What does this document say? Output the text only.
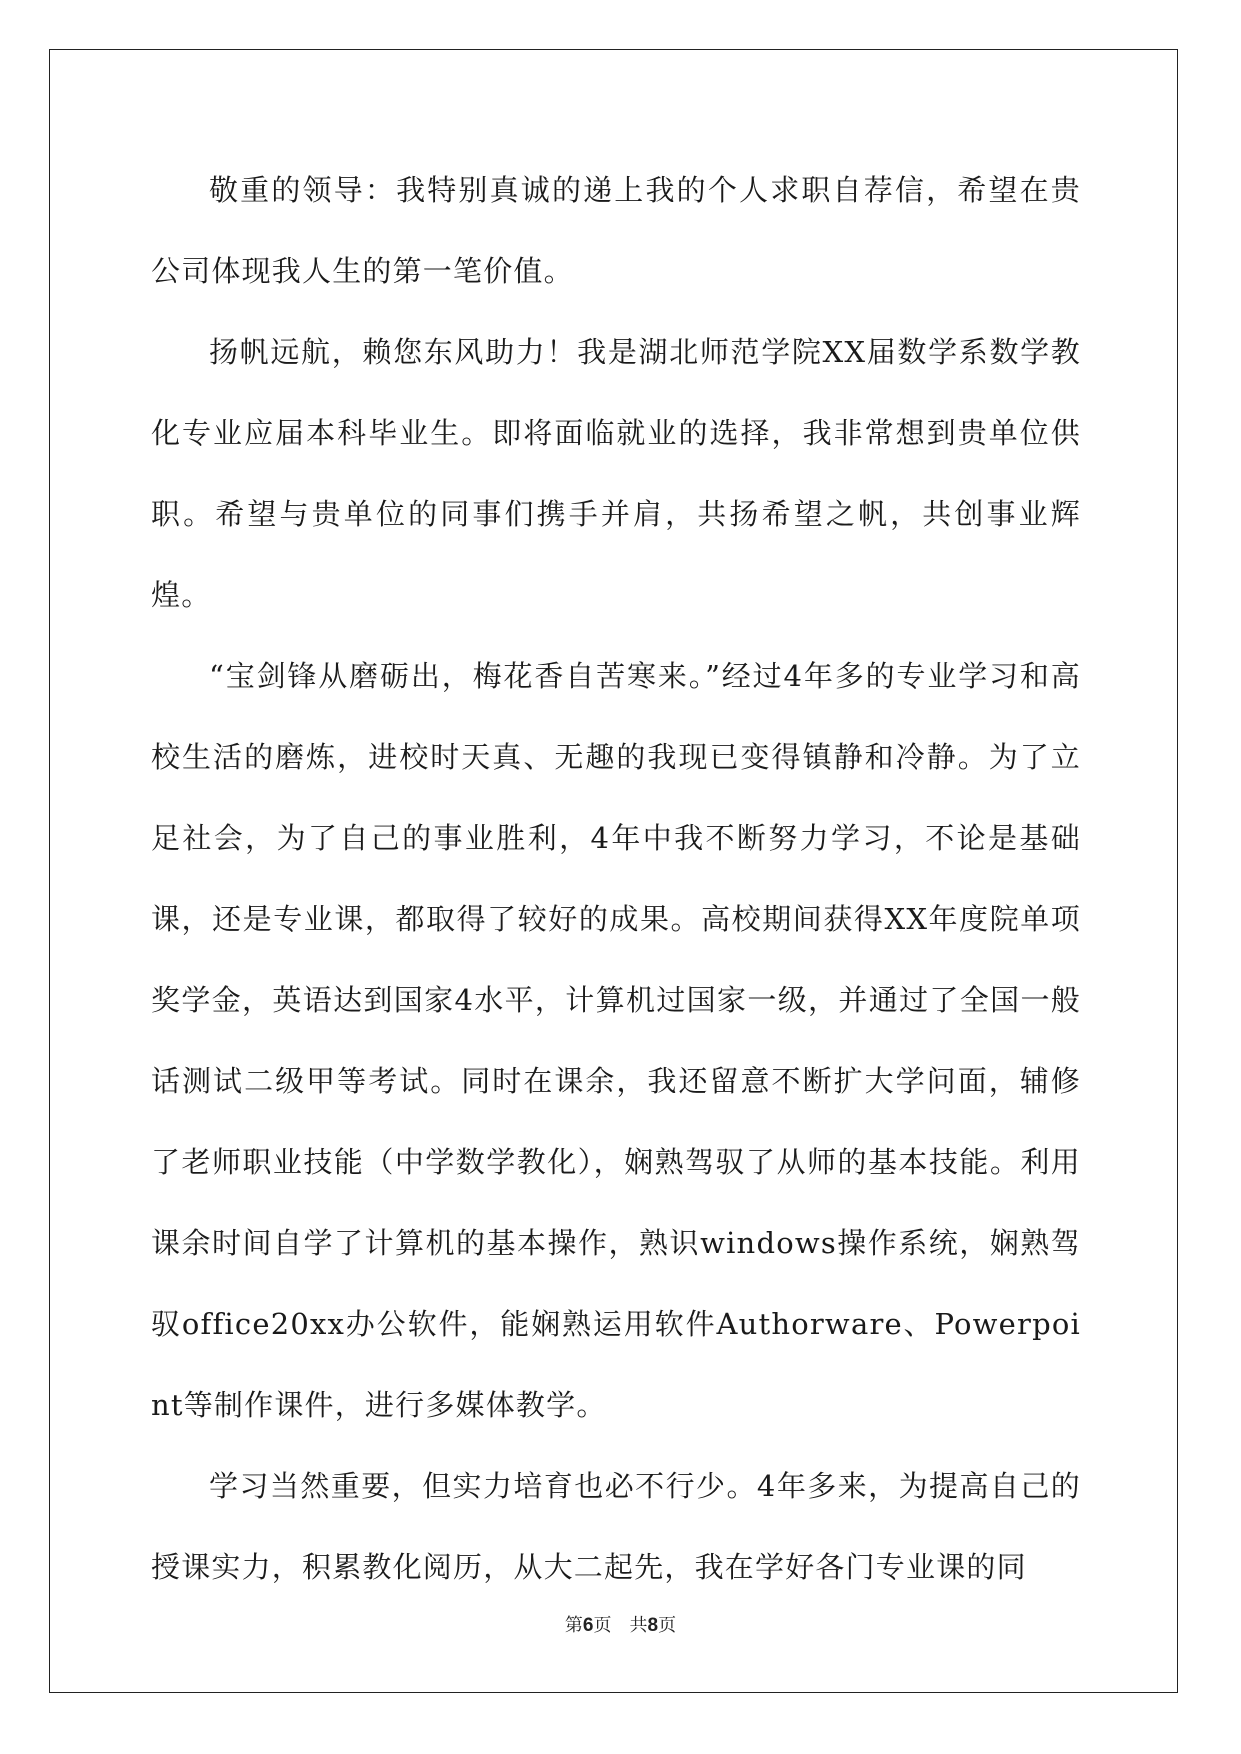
敬重的领导：我特别真诚的递上我的个人求职自荐信，希望在贵公司体现我人生的第一笔价值。

扬帆远航，赖您东风助力！我是湖北师范学院XX届数学系数学教化专业应届本科毕业生。即将面临就业的选择，我非常想到贵单位供职。希望与贵单位的同事们携手并肩，共扬希望之帆，共创事业辉煌。

“宝剑锋从磨砺出，梅花香自苦寒来。”经过4年多的专业学习和高校生活的磨炼，进校时天真、无趣的我现已变得镇静和冷静。为了立足社会，为了自己的事业胜利，4年中我不断努力学习，不论是基础课，还是专业课，都取得了较好的成果。高校期间获得XX年度院单项奖学金，英语达到国家4水平，计算机过国家一级，并通过了全国一般话测试二级甲等考试。同时在课余，我还留意不断扩大学问面，辅修了老师职业技能（中学数学教化），娴熟驾驭了从师的基本技能。利用课余时间自学了计算机的基本操作，熟识windows操作系统，娴熟驾驭office20xx办公软件，能娴熟运用软件Authorware、Powerpoint等制作课件，进行多媒体教学。

学习当然重要，但实力培育也必不行少。4年多来，为提高自己的授课实力，积累教化阅历，从大二起先，我在学好各门专业课的同

第6页 共8页
